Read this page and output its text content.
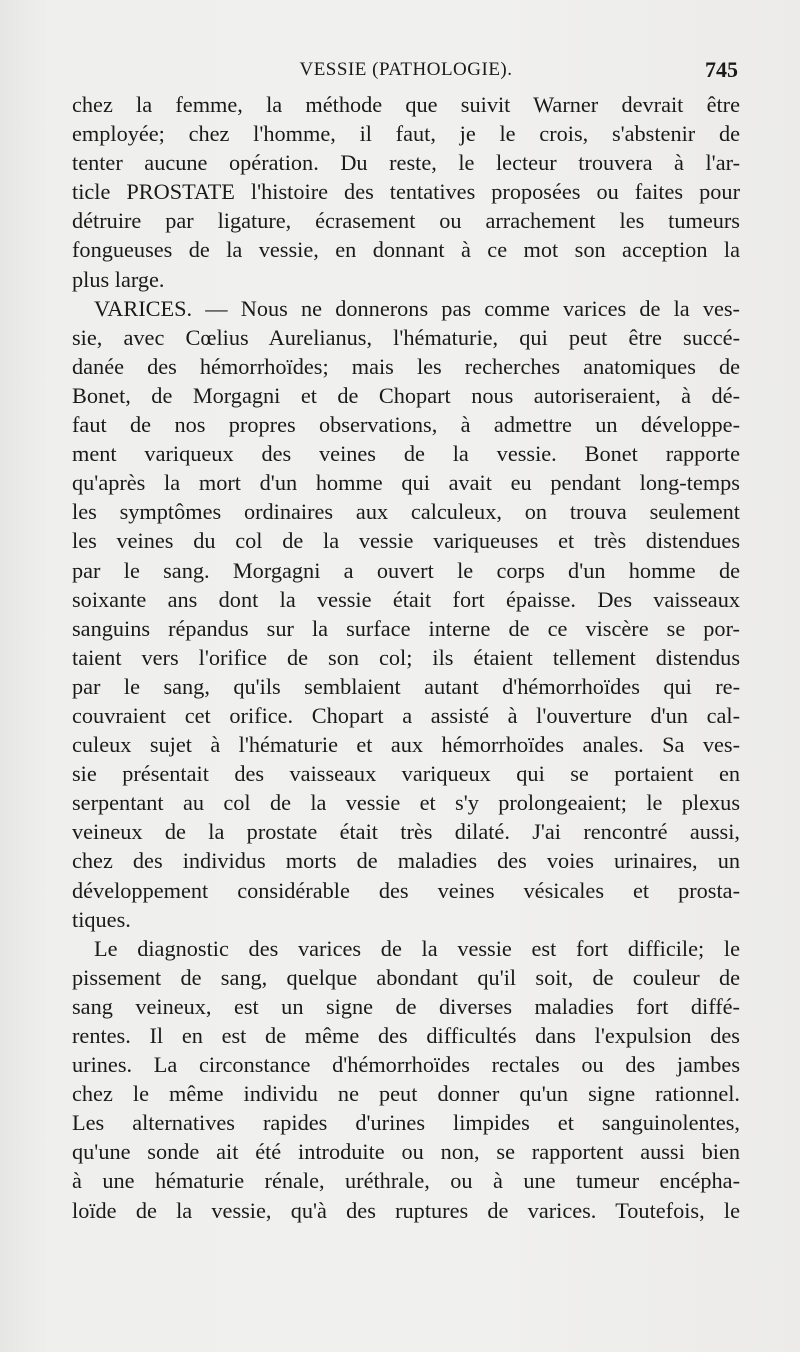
VESSIE (PATHOLOGIE).	745
chez la femme, la méthode que suivit Warner devrait être
employée; chez l'homme, il faut, je le crois, s'abstenir de
tenter aucune opération. Du reste, le lecteur trouvera à l'ar-
ticle PROSTATE l'histoire des tentatives proposées ou faites pour
détruire par ligature, écrasement ou arrachement les tumeurs
fongueuses de la vessie, en donnant à ce mot son acception la
plus large.
VARICES. — Nous ne donnerons pas comme varices de la ves-
sie, avec Cœlius Aurelianus, l'hématurie, qui peut être succé-
danée des hémorrhoïdes; mais les recherches anatomiques de
Bonet, de Morgagni et de Chopart nous autoriseraient, à dé-
faut de nos propres observations, à admettre un développe-
ment variqueux des veines de la vessie. Bonet rapporte
qu'après la mort d'un homme qui avait eu pendant long-temps
les symptômes ordinaires aux calculeux, on trouva seulement
les veines du col de la vessie variqueuses et très distendues
par le sang. Morgagni a ouvert le corps d'un homme de
soixante ans dont la vessie était fort épaisse. Des vaisseaux
sanguins répandus sur la surface interne de ce viscère se por-
taient vers l'orifice de son col; ils étaient tellement distendus
par le sang, qu'ils semblaient autant d'hémorrhoïdes qui re-
couvraient cet orifice. Chopart a assisté à l'ouverture d'un cal-
culeux sujet à l'hématurie et aux hémorrhoïdes anales. Sa ves-
sie présentait des vaisseaux variqueux qui se portaient en
serpentant au col de la vessie et s'y prolongeaient; le plexus
veineux de la prostate était très dilaté. J'ai rencontré aussi,
chez des individus morts de maladies des voies urinaires, un
développement considérable des veines vésicales et prosta-
tiques.
Le diagnostic des varices de la vessie est fort difficile; le
pissement de sang, quelque abondant qu'il soit, de couleur de
sang veineux, est un signe de diverses maladies fort diffé-
rentes. Il en est de même des difficultés dans l'expulsion des
urines. La circonstance d'hémorrhoïdes rectales ou des jambes
chez le même individu ne peut donner qu'un signe rationnel.
Les alternatives rapides d'urines limpides et sanguinolentes,
qu'une sonde ait été introduite ou non, se rapportent aussi bien
à une hématurie rénale, uréthrale, ou à une tumeur encépha-
loïde de la vessie, qu'à des ruptures de varices. Toutefois, le
